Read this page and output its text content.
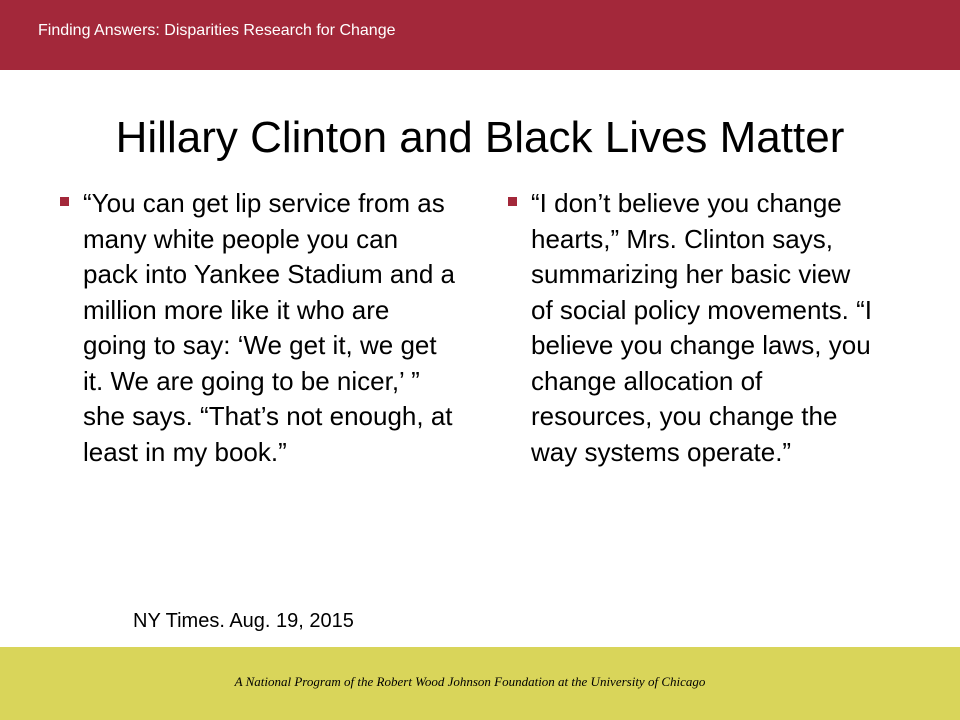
Finding Answers: Disparities Research for Change
Hillary Clinton and Black Lives Matter
“You can get lip service from as many white people you can pack into Yankee Stadium and a million more like it who are going to say: ‘We get it, we get it. We are going to be nicer,’ ” she says. “That’s not enough, at least in my book.”
“I don’t believe you change hearts,” Mrs. Clinton says, summarizing her basic view of social policy movements. “I believe you change laws, you change allocation of resources, you change the way systems operate.”
NY Times. Aug. 19, 2015
A National Program of the Robert Wood Johnson Foundation at the University of Chicago
